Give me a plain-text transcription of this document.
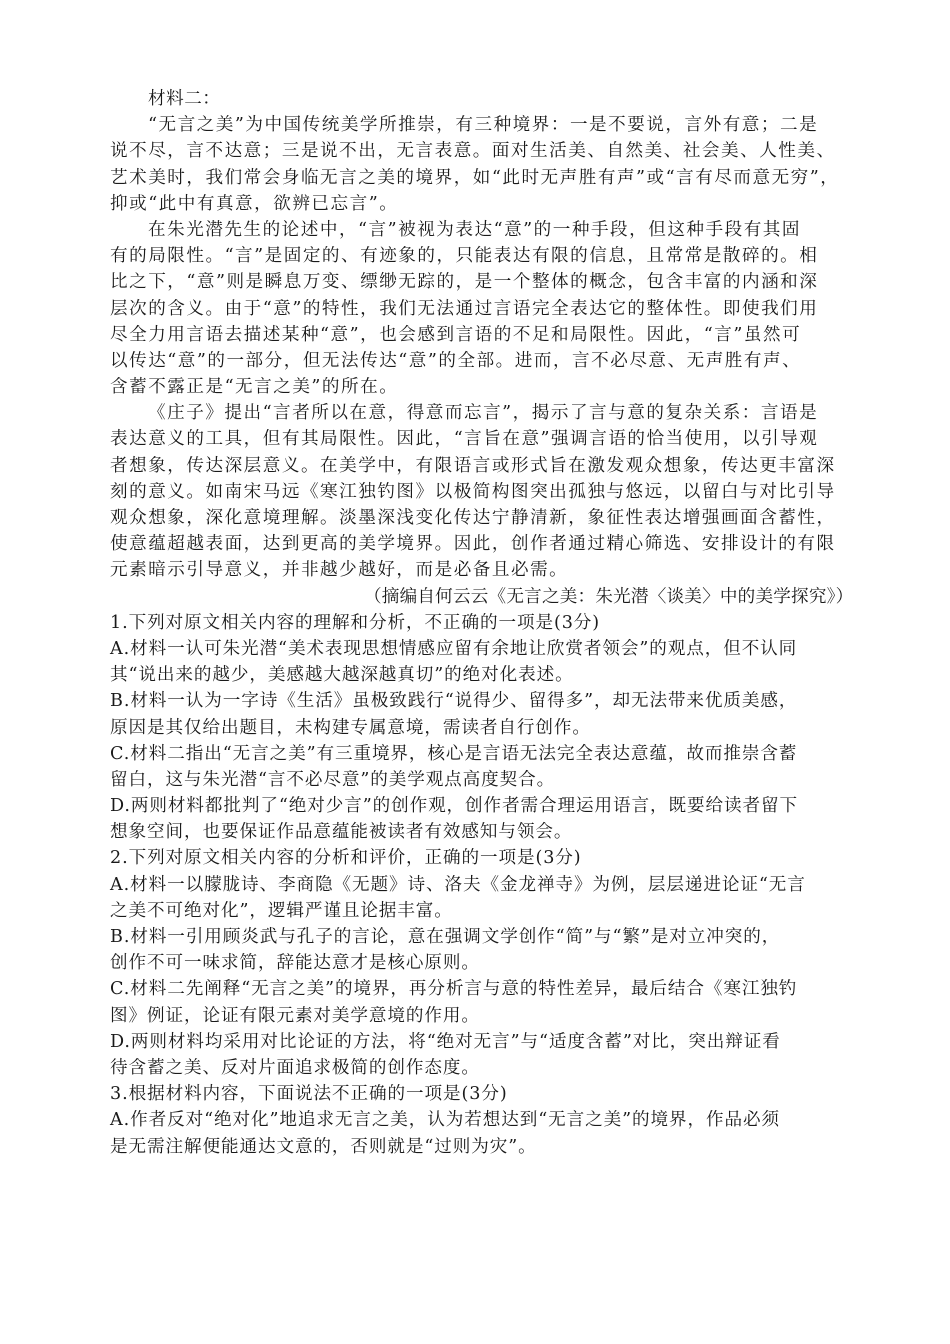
材料二：
“无言之美”为中国传统美学所推崇，有三种境界：一是不要说，言外有意；二是
说不尽，言不达意；三是说不出，无言表意。面对生活美、自然美、社会美、人性美、
艺术美时，我们常会身临无言之美的境界，如“此时无声胜有声”或“言有尽而意无穷”，
抑或“此中有真意，欲辨已忘言”。
在朱光潜先生的论述中，“言”被视为表达“意”的一种手段，但这种手段有其固
有的局限性。“言”是固定的、有迹象的，只能表达有限的信息，且常常是散碎的。相
比之下，“意”则是瞬息万变、缥缈无踪的，是一个整体的概念，包含丰富的内涵和深
层次的含义。由于“意”的特性，我们无法通过言语完全表达它的整体性。即使我们用
尽全力用言语去描述某种“意”，也会感到言语的不足和局限性。因此，“言”虽然可
以传达“意”的一部分，但无法传达“意”的全部。进而，言不必尽意、无声胜有声、
含蓄不露正是“无言之美”的所在。
《庄子》提出“言者所以在意，得意而忘言”，揭示了言与意的复杂关系：言语是
表达意义的工具，但有其局限性。因此，“言旨在意”强调言语的恰当使用，以引导观
者想象，传达深层意义。在美学中，有限语言或形式旨在激发观众想象，传达更丰富深
刻的意义。如南宋马远《寒江独钓图》以极简构图突出孤独与悠远，以留白与对比引导
观众想象，深化意境理解。淡墨深浅变化传达宁静清新，象征性表达增强画面含蓄性，
使意蕴超越表面，达到更高的美学境界。因此，创作者通过精心筛选、安排设计的有限
元素暗示引导意义，并非越少越好，而是必备且必需。
（摘编自何云云《无言之美：朱光潜〈谈美〉中的美学探究》）
1.下列对原文相关内容的理解和分析，不正确的一项是(3分)
A.材料一认可朱光潜“美术表现思想情感应留有余地让欣赏者领会”的观点，但不认同
其“说出来的越少，美感越大越深越真切”的绝对化表述。
B.材料一认为一字诗《生活》虽极致践行“说得少、留得多”，却无法带来优质美感，
原因是其仅给出题目，未构建专属意境，需读者自行创作。
C.材料二指出“无言之美”有三重境界，核心是言语无法完全表达意蕴，故而推崇含蓄
留白，这与朱光潜“言不必尽意”的美学观点高度契合。
D.两则材料都批判了“绝对少言”的创作观，创作者需合理运用语言，既要给读者留下
想象空间，也要保证作品意蕴能被读者有效感知与领会。
2.下列对原文相关内容的分析和评价，正确的一项是(3分)
A.材料一以朦胧诗、李商隐《无题》诗、洛夫《金龙禅寺》为例，层层递进论证“无言
之美不可绝对化”，逻辑严谨且论据丰富。
B.材料一引用顾炎武与孔子的言论，意在强调文学创作“简”与“繁”是对立冲突的，
创作不可一味求简，辞能达意才是核心原则。
C.材料二先阐释“无言之美”的境界，再分析言与意的特性差异，最后结合《寒江独钓
图》例证，论证有限元素对美学意境的作用。
D.两则材料均采用对比论证的方法，将“绝对无言”与“适度含蓄”对比，突出辩证看
待含蓄之美、反对片面追求极简的创作态度。
3.根据材料内容，下面说法不正确的一项是(3分)
A.作者反对“绝对化”地追求无言之美，认为若想达到“无言之美”的境界，作品必须
是无需注解便能通达文意的，否则就是“过则为灾”。
